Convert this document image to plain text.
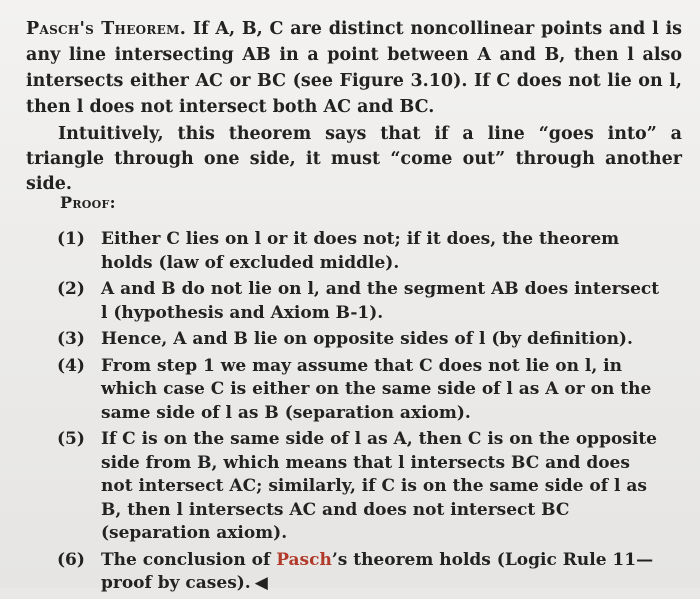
Pasch's Theorem. If A, B, C are distinct noncollinear points and l is any line intersecting AB in a point between A and B, then l also intersects either AC or BC (see Figure 3.10). If C does not lie on l, then l does not intersect both AC and BC.

Intuitively, this theorem says that if a line “goes into” a triangle through one side, it must “come out” through another side.

Proof:
(1) Either C lies on l or it does not; if it does, the theorem holds (law of excluded middle).
(2) A and B do not lie on l, and the segment AB does intersect l (hypothesis and Axiom B-1).
(3) Hence, A and B lie on opposite sides of l (by definition).
(4) From step 1 we may assume that C does not lie on l, in which case C is either on the same side of l as A or on the same side of l as B (separation axiom).
(5) If C is on the same side of l as A, then C is on the opposite side from B, which means that l intersects BC and does not intersect AC; similarly, if C is on the same side of l as B, then l intersects AC and does not intersect BC (separation axiom).
(6) The conclusion of Pasch’s theorem holds (Logic Rule 11—proof by cases). ◀
